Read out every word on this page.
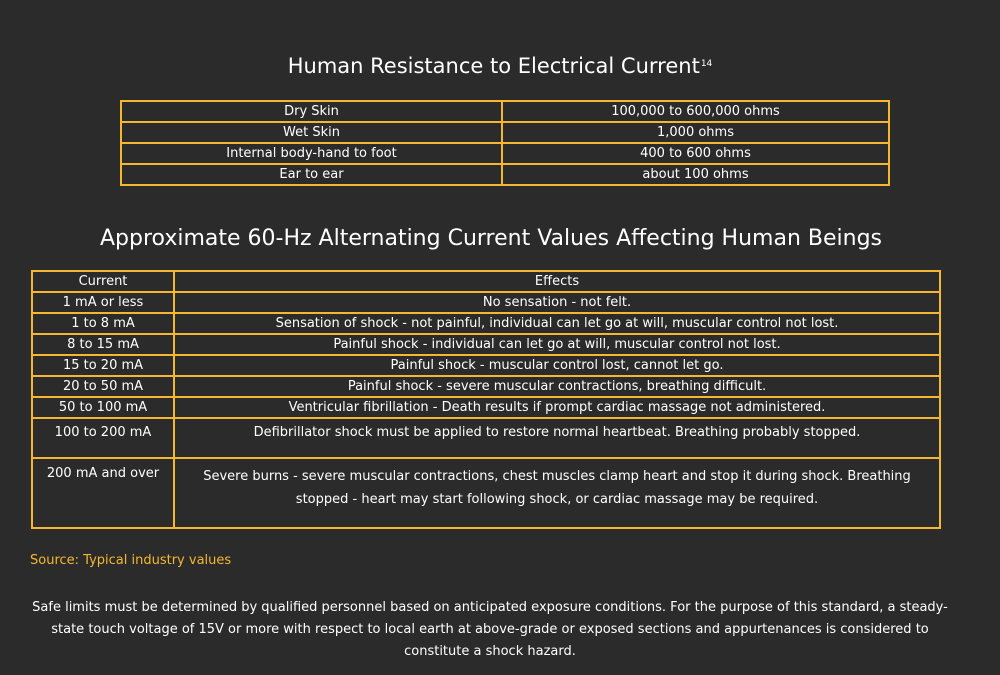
Human Resistance to Electrical Current$^{14}$
Dry Skin	100,000 to 600,000 ohms
Wet Skin	1,000 ohms
Internal body-hand to foot	400 to 600 ohms
Ear to ear	about 100 ohms
Approximate 60-Hz Alternating Current Values Affecting Human Beings
Current	Effects
1 mA or less	No sensation - not felt.
1 to 8 mA	Sensation of shock - not painful, individual can let go at will, muscular control not lost.
8 to 15 mA	Painful shock - individual can let go at will, muscular control not lost.
15 to 20 mA	Painful shock - muscular control lost, cannot let go.
20 to 50 mA	Painful shock - severe muscular contractions, breathing difficult.
50 to 100 mA	Ventricular fibrillation - Death results if prompt cardiac massage not administered.
100 to 200 mA	Defibrillator shock must be applied to restore normal heartbeat. Breathing probably stopped.
200 mA and over	Severe burns - severe muscular contractions, chest muscles clamp heart and stop it during shock. Breathing stopped - heart may start following shock, or cardiac massage may be required.
Source: Typical industry values
Safe limits must be determined by qualified personnel based on anticipated exposure conditions. For the purpose of this standard, a steady-state touch voltage of 15V or more with respect to local earth at above-grade or exposed sections and appurtenances is considered to constitute a shock hazard.
